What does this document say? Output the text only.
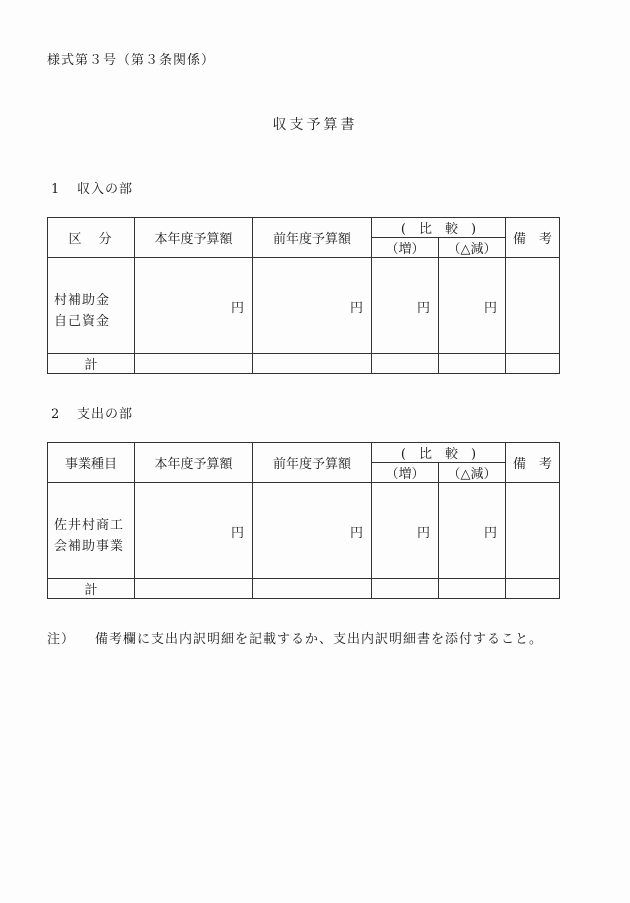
様式第３号（第３条関係）
収支予算書
1 収入の部
区　分	本年度予算額	前年度予算額	(　比　較　)		備　考
			（増）	（△減）	

村補助金
自己資金	円	円	円	円	
計					
2 支出の部
事業種目	本年度予算額	前年度予算額	(　比　較　)		備　考
			（増）	（△減）	

佐井村商工会補助事業	円	円	円	円	
計					
注） 備考欄に支出内訳明細を記載するか、支出内訳明細書を添付すること。
